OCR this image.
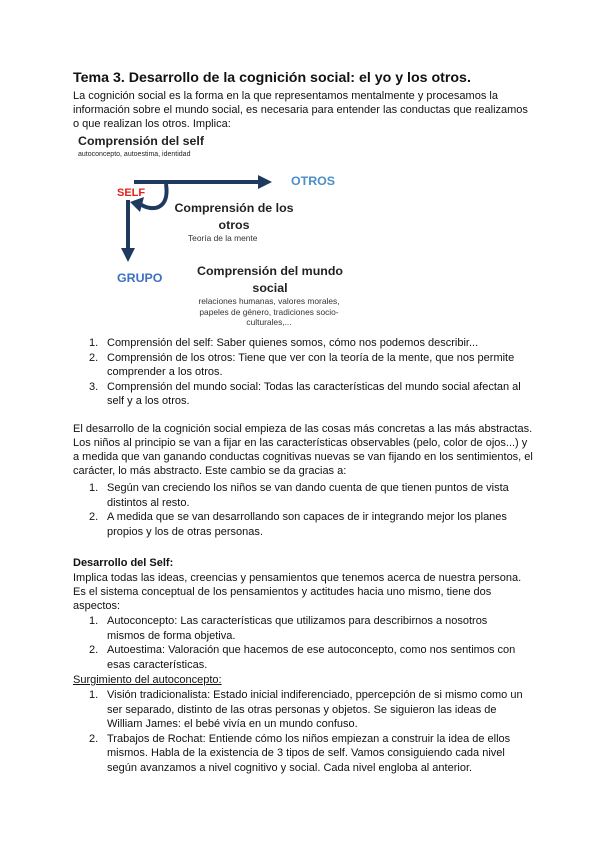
Tema 3. Desarrollo de la cognición social: el yo y los otros.

La cognición social es la forma en la que representamos mentalmente y procesamos la información sobre el mundo social, es necesaria para entender las conductas que realizamos o que realizan los otros. Implica:

Comprensión del self
autoconcepto, autoestima, identidad
SELF
OTROS
GRUPO
Comprensión de los otros
Teoría de la mente
Comprensión del mundo social
relaciones humanas, valores morales, papeles de género, tradiciones socio-culturales,...
1. Comprensión del self: Saber quienes somos, cómo nos podemos describir...
2. Comprensión de los otros: Tiene que ver con la teoría de la mente, que nos permite comprender a los otros.
3. Comprensión del mundo social: Todas las características del mundo social afectan al self y a los otros.

El desarrollo de la cognición social empieza de las cosas más concretas a las más abstractas. Los niños al principio se van a fijar en las características observables (pelo, color de ojos...) y a medida que van ganando conductas cognitivas nuevas se van fijando en los sentimientos, el carácter, lo más abstracto. Este cambio se da gracias a:

1. Según van creciendo los niños se van dando cuenta de que tienen puntos de vista distintos al resto.
2. A medida que se van desarrollando son capaces de ir integrando mejor los planes propios y los de otras personas.

Desarrollo del Self:

Implica todas las ideas, creencias y pensamientos que tenemos acerca de nuestra persona. Es el sistema conceptual de los pensamientos y actitudes hacia uno mismo, tiene dos aspectos:

1. Autoconcepto: Las características que utilizamos para describirnos a nosotros mismos de forma objetiva.
2. Autoestima: Valoración que hacemos de ese autoconcepto, como nos sentimos con esas características.

Surgimiento del autoconcepto:

1. Visión tradicionalista: Estado inicial indiferenciado, ppercepción de si mismo como un ser separado, distinto de las otras personas y objetos. Se siguieron las ideas de William James: el bebé vivía en un mundo confuso.
2. Trabajos de Rochat: Entiende cómo los niños empiezan a construir la idea de ellos mismos. Habla de la existencia de 3 tipos de self. Vamos consiguiendo cada nivel según avanzamos a nivel cognitivo y social. Cada nivel engloba al anterior.
